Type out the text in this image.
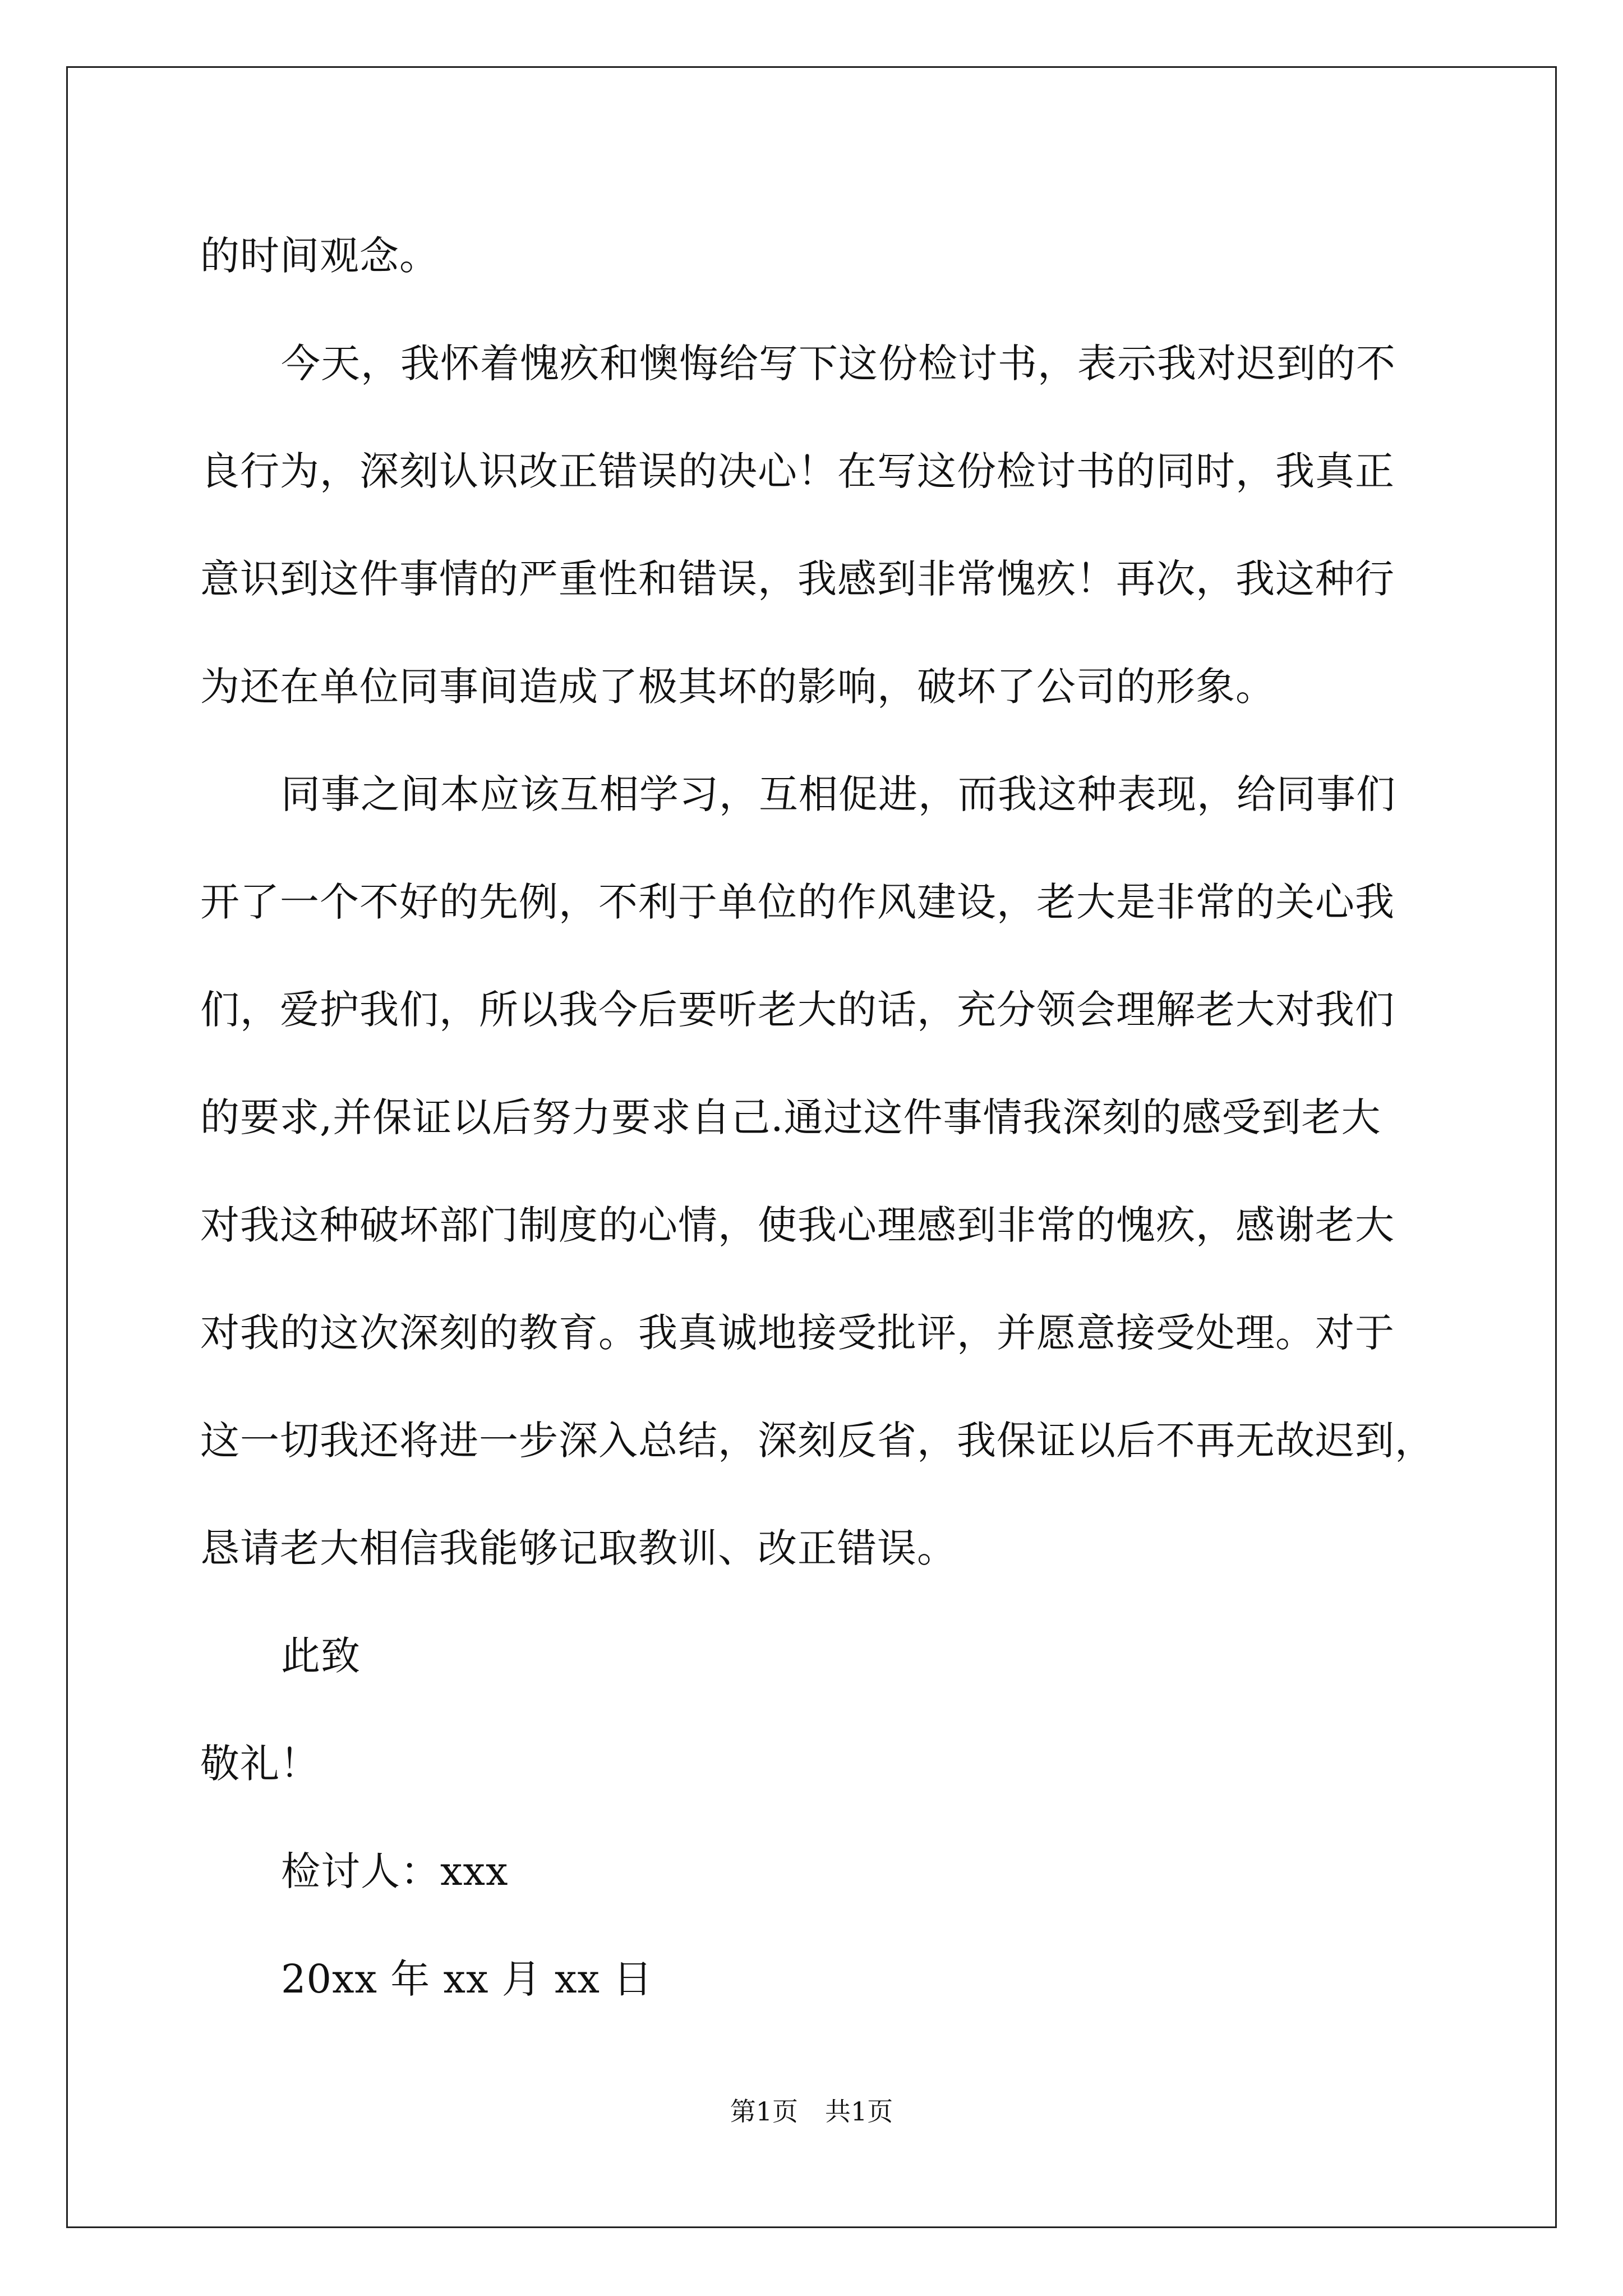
的时间观念。
今天，我怀着愧疚和懊悔给写下这份检讨书，表示我对迟到的不
良行为，深刻认识改正错误的决心！在写这份检讨书的同时，我真正
意识到这件事情的严重性和错误，我感到非常愧疚！再次，我这种行
为还在单位同事间造成了极其坏的影响，破坏了公司的形象。
同事之间本应该互相学习，互相促进，而我这种表现，给同事们
开了一个不好的先例，不利于单位的作风建设，老大是非常的关心我
们，爱护我们，所以我今后要听老大的话，充分领会理解老大对我们
的要求,并保证以后努力要求自己.通过这件事情我深刻的感受到老大
对我这种破坏部门制度的心情，使我心理感到非常的愧疚，感谢老大
对我的这次深刻的教育。我真诚地接受批评，并愿意接受处理。对于
这一切我还将进一步深入总结，深刻反省，我保证以后不再无故迟到，
恳请老大相信我能够记取教训、改正错误。
此致
敬礼！
检讨人：xxx
20xx 年 xx 月 xx 日
第1页 共1页
